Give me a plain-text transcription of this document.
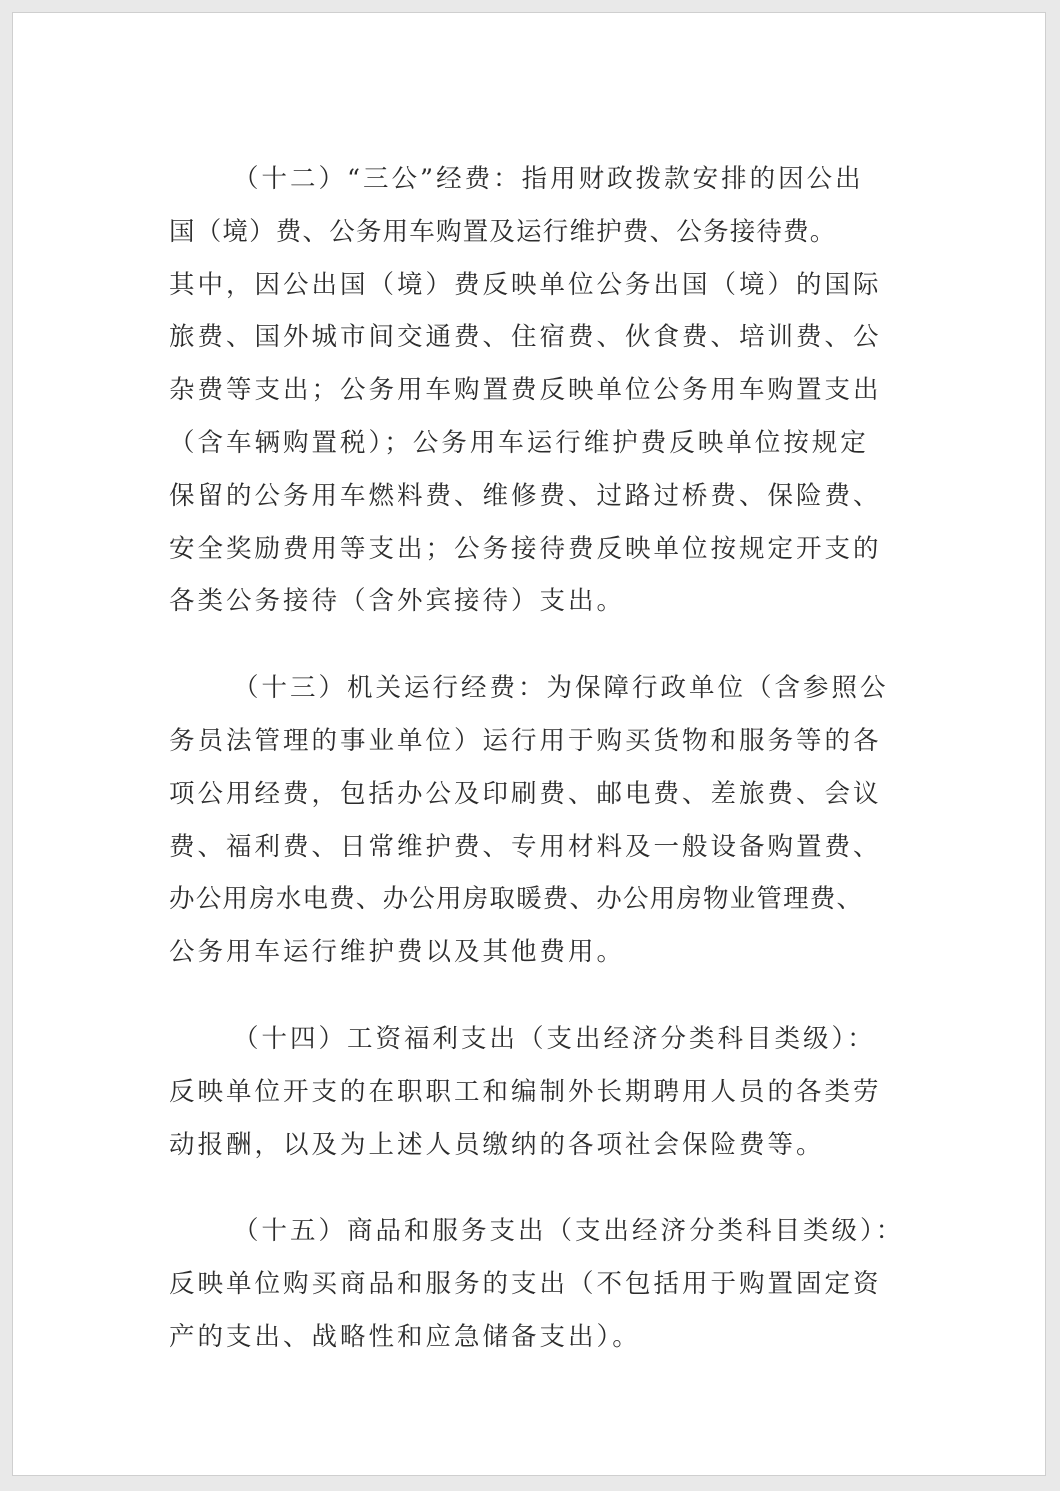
（十二）“三公”经费：指用财政拨款安排的因公出
国（境）费、公务用车购置及运行维护费、公务接待费。
其中，因公出国（境）费反映单位公务出国（境）的国际
旅费、国外城市间交通费、住宿费、伙食费、培训费、公
杂费等支出；公务用车购置费反映单位公务用车购置支出
（含车辆购置税）；公务用车运行维护费反映单位按规定
保留的公务用车燃料费、维修费、过路过桥费、保险费、
安全奖励费用等支出；公务接待费反映单位按规定开支的
各类公务接待（含外宾接待）支出。

（十三）机关运行经费：为保障行政单位（含参照公
务员法管理的事业单位）运行用于购买货物和服务等的各
项公用经费，包括办公及印刷费、邮电费、差旅费、会议
费、福利费、日常维护费、专用材料及一般设备购置费、
办公用房水电费、办公用房取暖费、办公用房物业管理费、
公务用车运行维护费以及其他费用。

（十四）工资福利支出（支出经济分类科目类级）：
反映单位开支的在职职工和编制外长期聘用人员的各类劳
动报酬，以及为上述人员缴纳的各项社会保险费等。

（十五）商品和服务支出（支出经济分类科目类级）：
反映单位购买商品和服务的支出（不包括用于购置固定资
产的支出、战略性和应急储备支出）。
